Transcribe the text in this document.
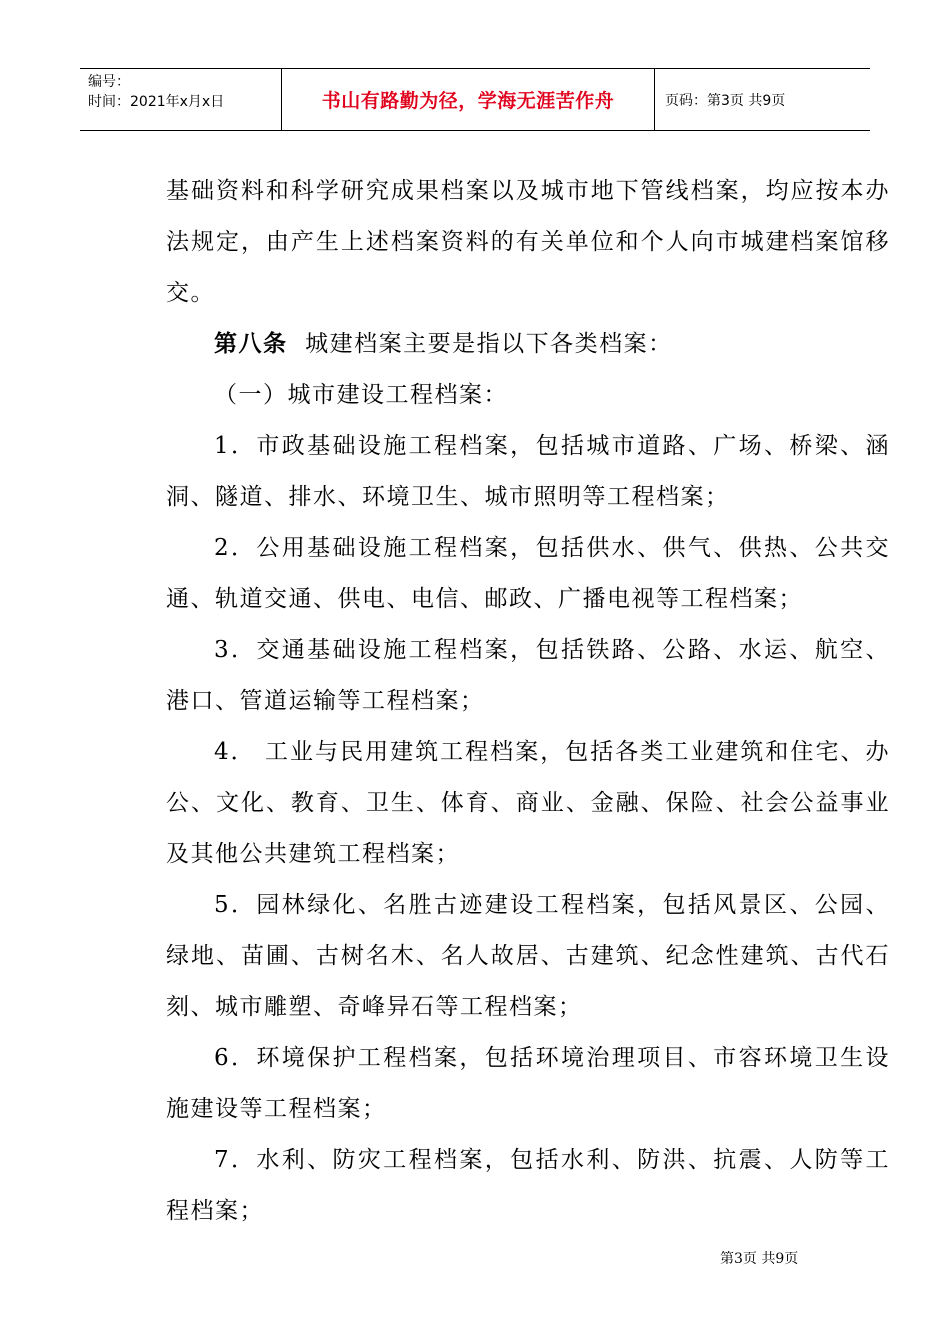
编号：
时间：2021年x月x日	书山有路勤为径，学海无涯苦作舟	页码：第3页 共9页

基础资料和科学研究成果档案以及城市地下管线档案，均应按本办法规定，由产生上述档案资料的有关单位和个人向市城建档案馆移交。

第八条 城建档案主要是指以下各类档案：

（一）城市建设工程档案：

1．市政基础设施工程档案，包括城市道路、广场、桥梁、涵洞、隧道、排水、环境卫生、城市照明等工程档案；

2．公用基础设施工程档案，包括供水、供气、供热、公共交通、轨道交通、供电、电信、邮政、广播电视等工程档案；

3．交通基础设施工程档案，包括铁路、公路、水运、航空、港口、管道运输等工程档案；

4． 工业与民用建筑工程档案，包括各类工业建筑和住宅、办公、文化、教育、卫生、体育、商业、金融、保险、社会公益事业及其他公共建筑工程档案；

5．园林绿化、名胜古迹建设工程档案，包括风景区、公园、绿地、苗圃、古树名木、名人故居、古建筑、纪念性建筑、古代石刻、城市雕塑、奇峰异石等工程档案；

6．环境保护工程档案，包括环境治理项目、市容环境卫生设施建设等工程档案；

7．水利、防灾工程档案，包括水利、防洪、抗震、人防等工程档案；

第3页 共9页
